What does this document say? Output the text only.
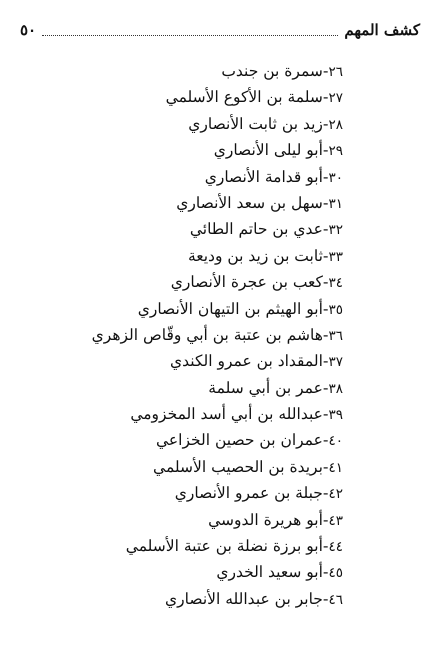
٥٠	كشف المهم
٢٦‐سمرة بن جندب
٢٧‐سلمة بن الأكوع الأسلمي
٢٨‐زيد بن ثابت الأنصاري
٢٩‐أبو ليلى الأنصاري
٣٠‐أبو قدامة الأنصاري
٣١‐سهل بن سعد الأنصاري
٣٢‐عدي بن حاتم الطائي
٣٣‐ثابت بن زيد بن وديعة
٣٤‐كعب بن عجرة الأنصاري
٣٥‐أبو الهيثم بن التيهان الأنصاري
٣٦‐هاشم بن عتبة بن أبي وقّاص الزهري
٣٧‐المقداد بن عمرو الكندي
٣٨‐عمر بن أبي سلمة
٣٩‐عبدالله بن أبي أسد المخزومي
٤٠‐عمران بن حصين الخزاعي
٤١‐بريدة بن الحصيب الأسلمي
٤٢‐جبلة بن عمرو الأنصاري
٤٣‐أبو هريرة الدوسي
٤٤‐أبو برزة نضلة بن عتبة الأسلمي
٤٥‐أبو سعيد الخدري
٤٦‐جابر بن عبدالله الأنصاري
